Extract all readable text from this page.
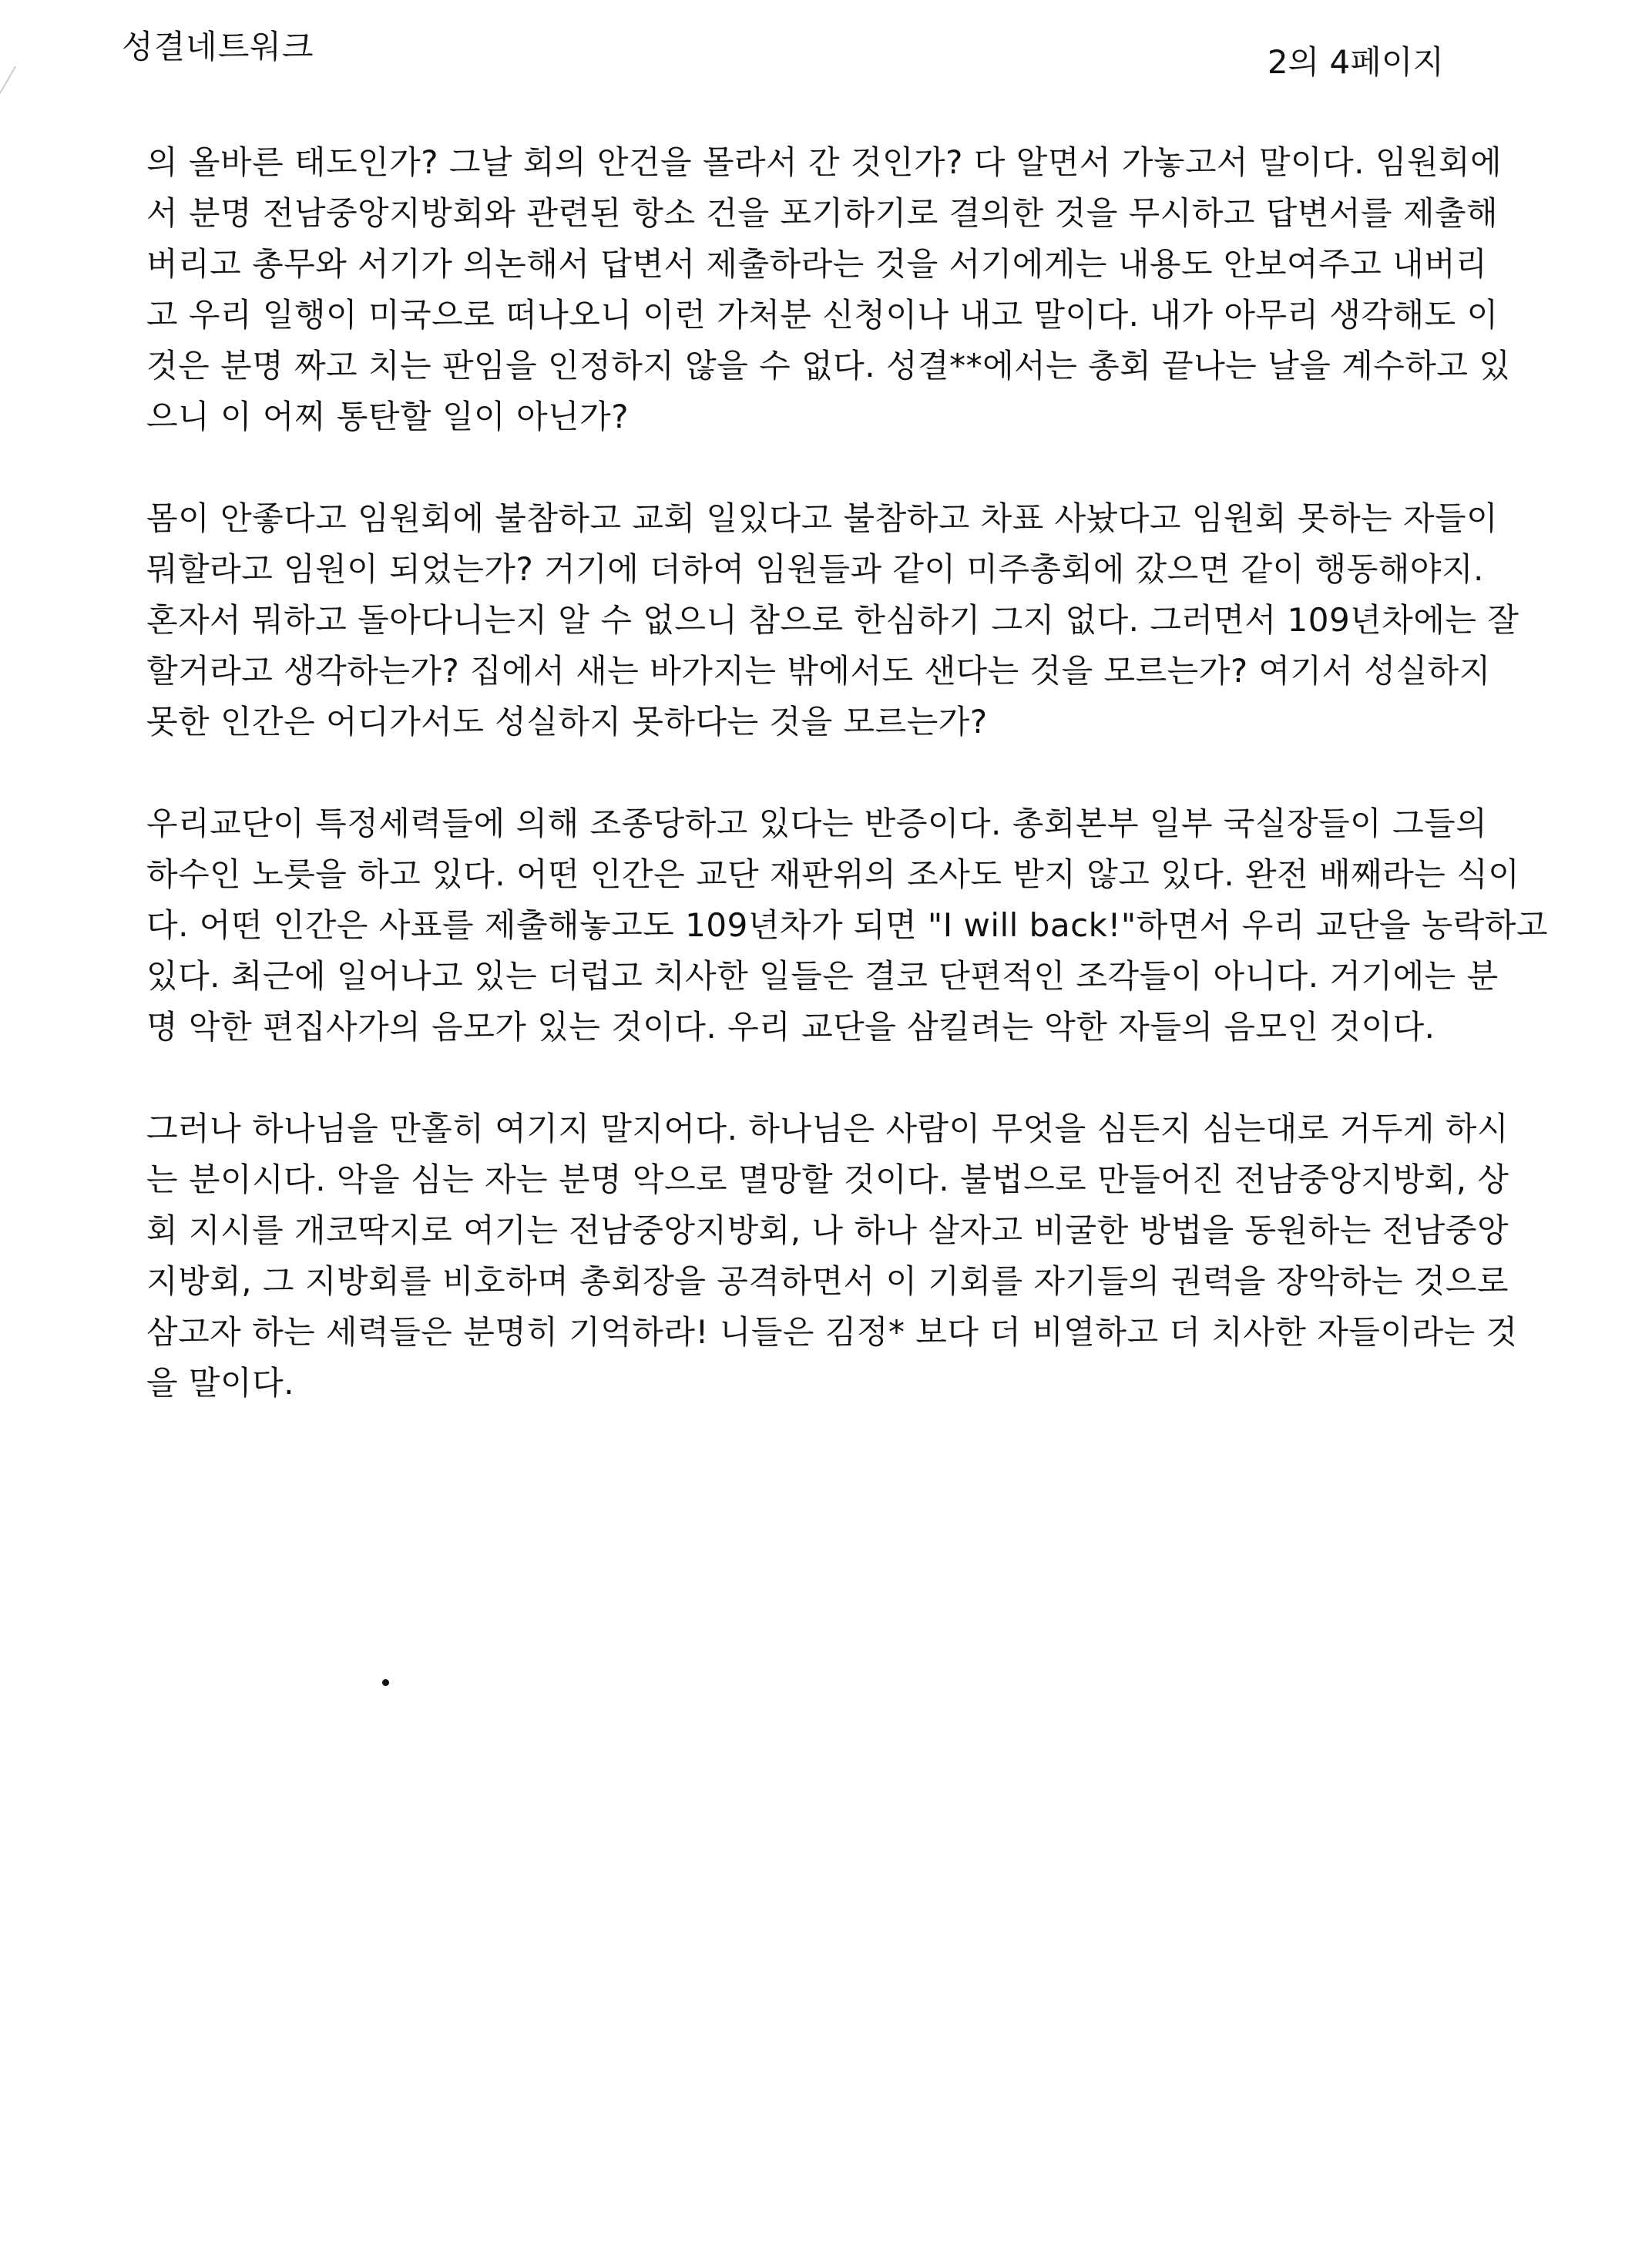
성결네트워크	2의 4페이지
의 올바른 태도인가? 그날 회의 안건을 몰라서 간 것인가? 다 알면서 가놓고서 말이다. 임원회에
서 분명 전남중앙지방회와 관련된 항소 건을 포기하기로 결의한 것을 무시하고 답변서를 제출해
버리고 총무와 서기가 의논해서 답변서 제출하라는 것을 서기에게는 내용도 안보여주고 내버리
고 우리 일행이 미국으로 떠나오니 이런 가처분 신청이나 내고 말이다. 내가 아무리 생각해도 이
것은 분명 짜고 치는 판임을 인정하지 않을 수 없다. 성결**에서는 총회 끝나는 날을 계수하고 있
으니 이 어찌 통탄할 일이 아닌가?
몸이 안좋다고 임원회에 불참하고 교회 일있다고 불참하고 차표 사놨다고 임원회 못하는 자들이
뭐할라고 임원이 되었는가? 거기에 더하여 임원들과 같이 미주총회에 갔으면 같이 행동해야지.
혼자서 뭐하고 돌아다니는지 알 수 없으니 참으로 한심하기 그지 없다. 그러면서 109년차에는 잘
할거라고 생각하는가? 집에서 새는 바가지는 밖에서도 샌다는 것을 모르는가? 여기서 성실하지
못한 인간은 어디가서도 성실하지 못하다는 것을 모르는가?
우리교단이 특정세력들에 의해 조종당하고 있다는 반증이다. 총회본부 일부 국실장들이 그들의
하수인 노릇을 하고 있다. 어떤 인간은 교단 재판위의 조사도 받지 않고 있다. 완전 배째라는 식이
다. 어떤 인간은 사표를 제출해놓고도 109년차가 되면 "I will back!"하면서 우리 교단을 농락하고
있다. 최근에 일어나고 있는 더럽고 치사한 일들은 결코 단편적인 조각들이 아니다. 거기에는 분
명 악한 편집사가의 음모가 있는 것이다. 우리 교단을 삼킬려는 악한 자들의 음모인 것이다.
그러나 하나님을 만홀히 여기지 말지어다. 하나님은 사람이 무엇을 심든지 심는대로 거두게 하시
는 분이시다. 악을 심는 자는 분명 악으로 멸망할 것이다. 불법으로 만들어진 전남중앙지방회, 상
회 지시를 개코딱지로 여기는 전남중앙지방회, 나 하나 살자고 비굴한 방법을 동원하는 전남중앙
지방회, 그 지방회를 비호하며 총회장을 공격하면서 이 기회를 자기들의 권력을 장악하는 것으로
삼고자 하는 세력들은 분명히 기억하라! 니들은 김정* 보다 더 비열하고 더 치사한 자들이라는 것
을 말이다.
